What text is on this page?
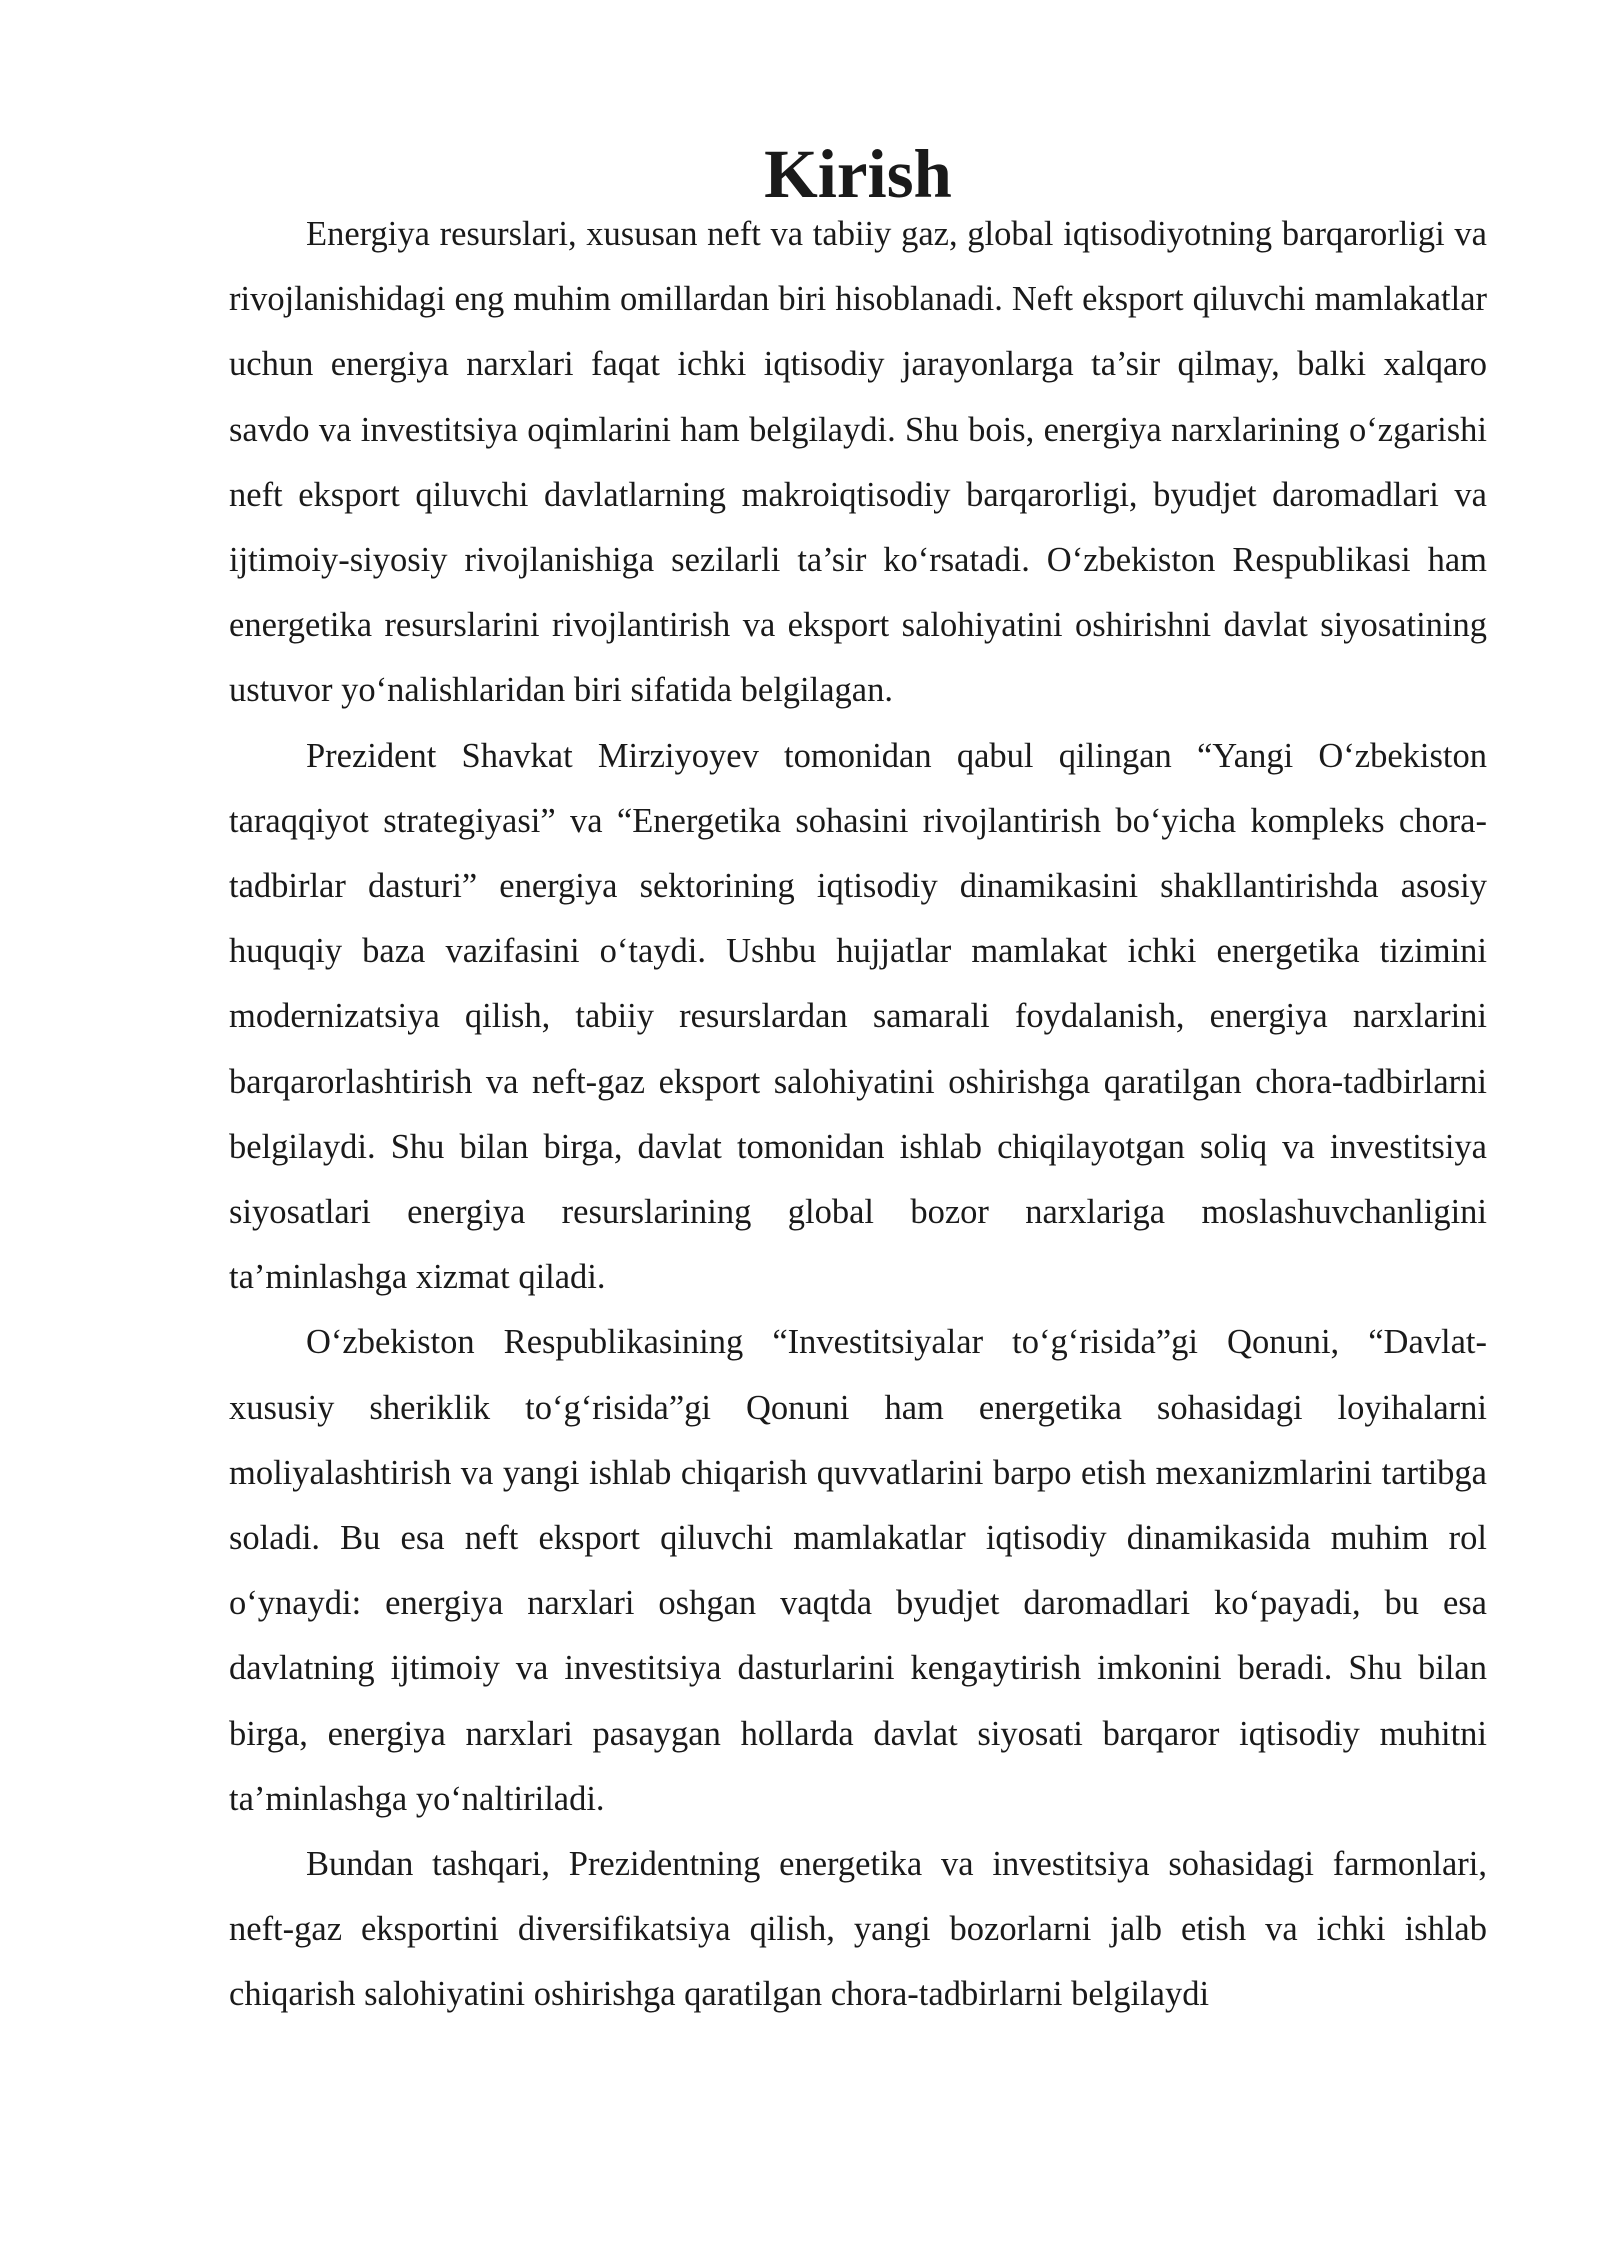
Kirish

Energiya resurslari, xususan neft va tabiiy gaz, global iqtisodiyotning barqarorligi va rivojlanishidagi eng muhim omillardan biri hisoblanadi. Neft eksport qiluvchi mamlakatlar uchun energiya narxlari faqat ichki iqtisodiy jarayonlarga ta’sir qilmay, balki xalqaro savdo va investitsiya oqimlarini ham belgilaydi. Shu bois, energiya narxlarining o‘zgarishi neft eksport qiluvchi davlatlarning makroiqtisodiy barqarorligi, byudjet daromadlari va ijtimoiy-siyosiy rivojlanishiga sezilarli ta’sir ko‘rsatadi. O‘zbekiston Respublikasi ham energetika resurslarini rivojlantirish va eksport salohiyatini oshirishni davlat siyosatining ustuvor yo‘nalishlaridan biri sifatida belgilagan.

Prezident Shavkat Mirziyoyev tomonidan qabul qilingan “Yangi O‘zbekiston taraqqiyot strategiyasi” va “Energetika sohasini rivojlantirish bo‘yicha kompleks chora-tadbirlar dasturi” energiya sektorining iqtisodiy dinamikasini shakllantirishda asosiy huquqiy baza vazifasini o‘taydi. Ushbu hujjatlar mamlakat ichki energetika tizimini modernizatsiya qilish, tabiiy resurslardan samarali foydalanish, energiya narxlarini barqarorlashtirish va neft-gaz eksport salohiyatini oshirishga qaratilgan chora-tadbirlarni belgilaydi. Shu bilan birga, davlat tomonidan ishlab chiqilayotgan soliq va investitsiya siyosatlari energiya resurslarining global bozor narxlariga moslashuvchanligini ta’minlashga xizmat qiladi.

O‘zbekiston Respublikasining “Investitsiyalar to‘g‘risida”gi Qonuni, “Davlat-xususiy sheriklik to‘g‘risida”gi Qonuni ham energetika sohasidagi loyihalarni moliyalashtirish va yangi ishlab chiqarish quvvatlarini barpo etish mexanizmlarini tartibga soladi. Bu esa neft eksport qiluvchi mamlakatlar iqtisodiy dinamikasida muhim rol o‘ynaydi: energiya narxlari oshgan vaqtda byudjet daromadlari ko‘payadi, bu esa davlatning ijtimoiy va investitsiya dasturlarini kengaytirish imkonini beradi. Shu bilan birga, energiya narxlari pasaygan hollarda davlat siyosati barqaror iqtisodiy muhitni ta’minlashga yo‘naltiriladi.

Bundan tashqari, Prezidentning energetika va investitsiya sohasidagi farmonlari, neft-gaz eksportini diversifikatsiya qilish, yangi bozorlarni jalb etish va ichki ishlab chiqarish salohiyatini oshirishga qaratilgan chora-tadbirlarni belgilaydi
